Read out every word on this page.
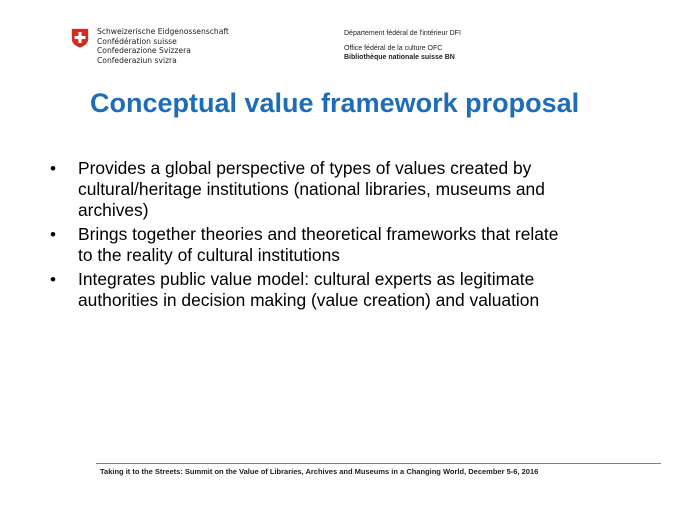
Schweizerische Eidgenossenschaft
Confédération suisse
Confederazione Svizzera
Confederaziun svizra
Département fédéral de l'intérieur DFI
Office fédéral de la culture OFC
Bibliothèque nationale suisse BN
Conceptual value framework proposal
• Provides a global perspective of types of values created by
cultural/heritage institutions (national libraries, museums and
archives)
• Brings together theories and theoretical frameworks that relate
to the reality of cultural institutions
• Integrates public value model: cultural experts as legitimate
authorities in decision making (value creation) and valuation
Taking it to the Streets: Summit on the Value of Libraries, Archives and Museums in a Changing World, December 5-6, 2016
